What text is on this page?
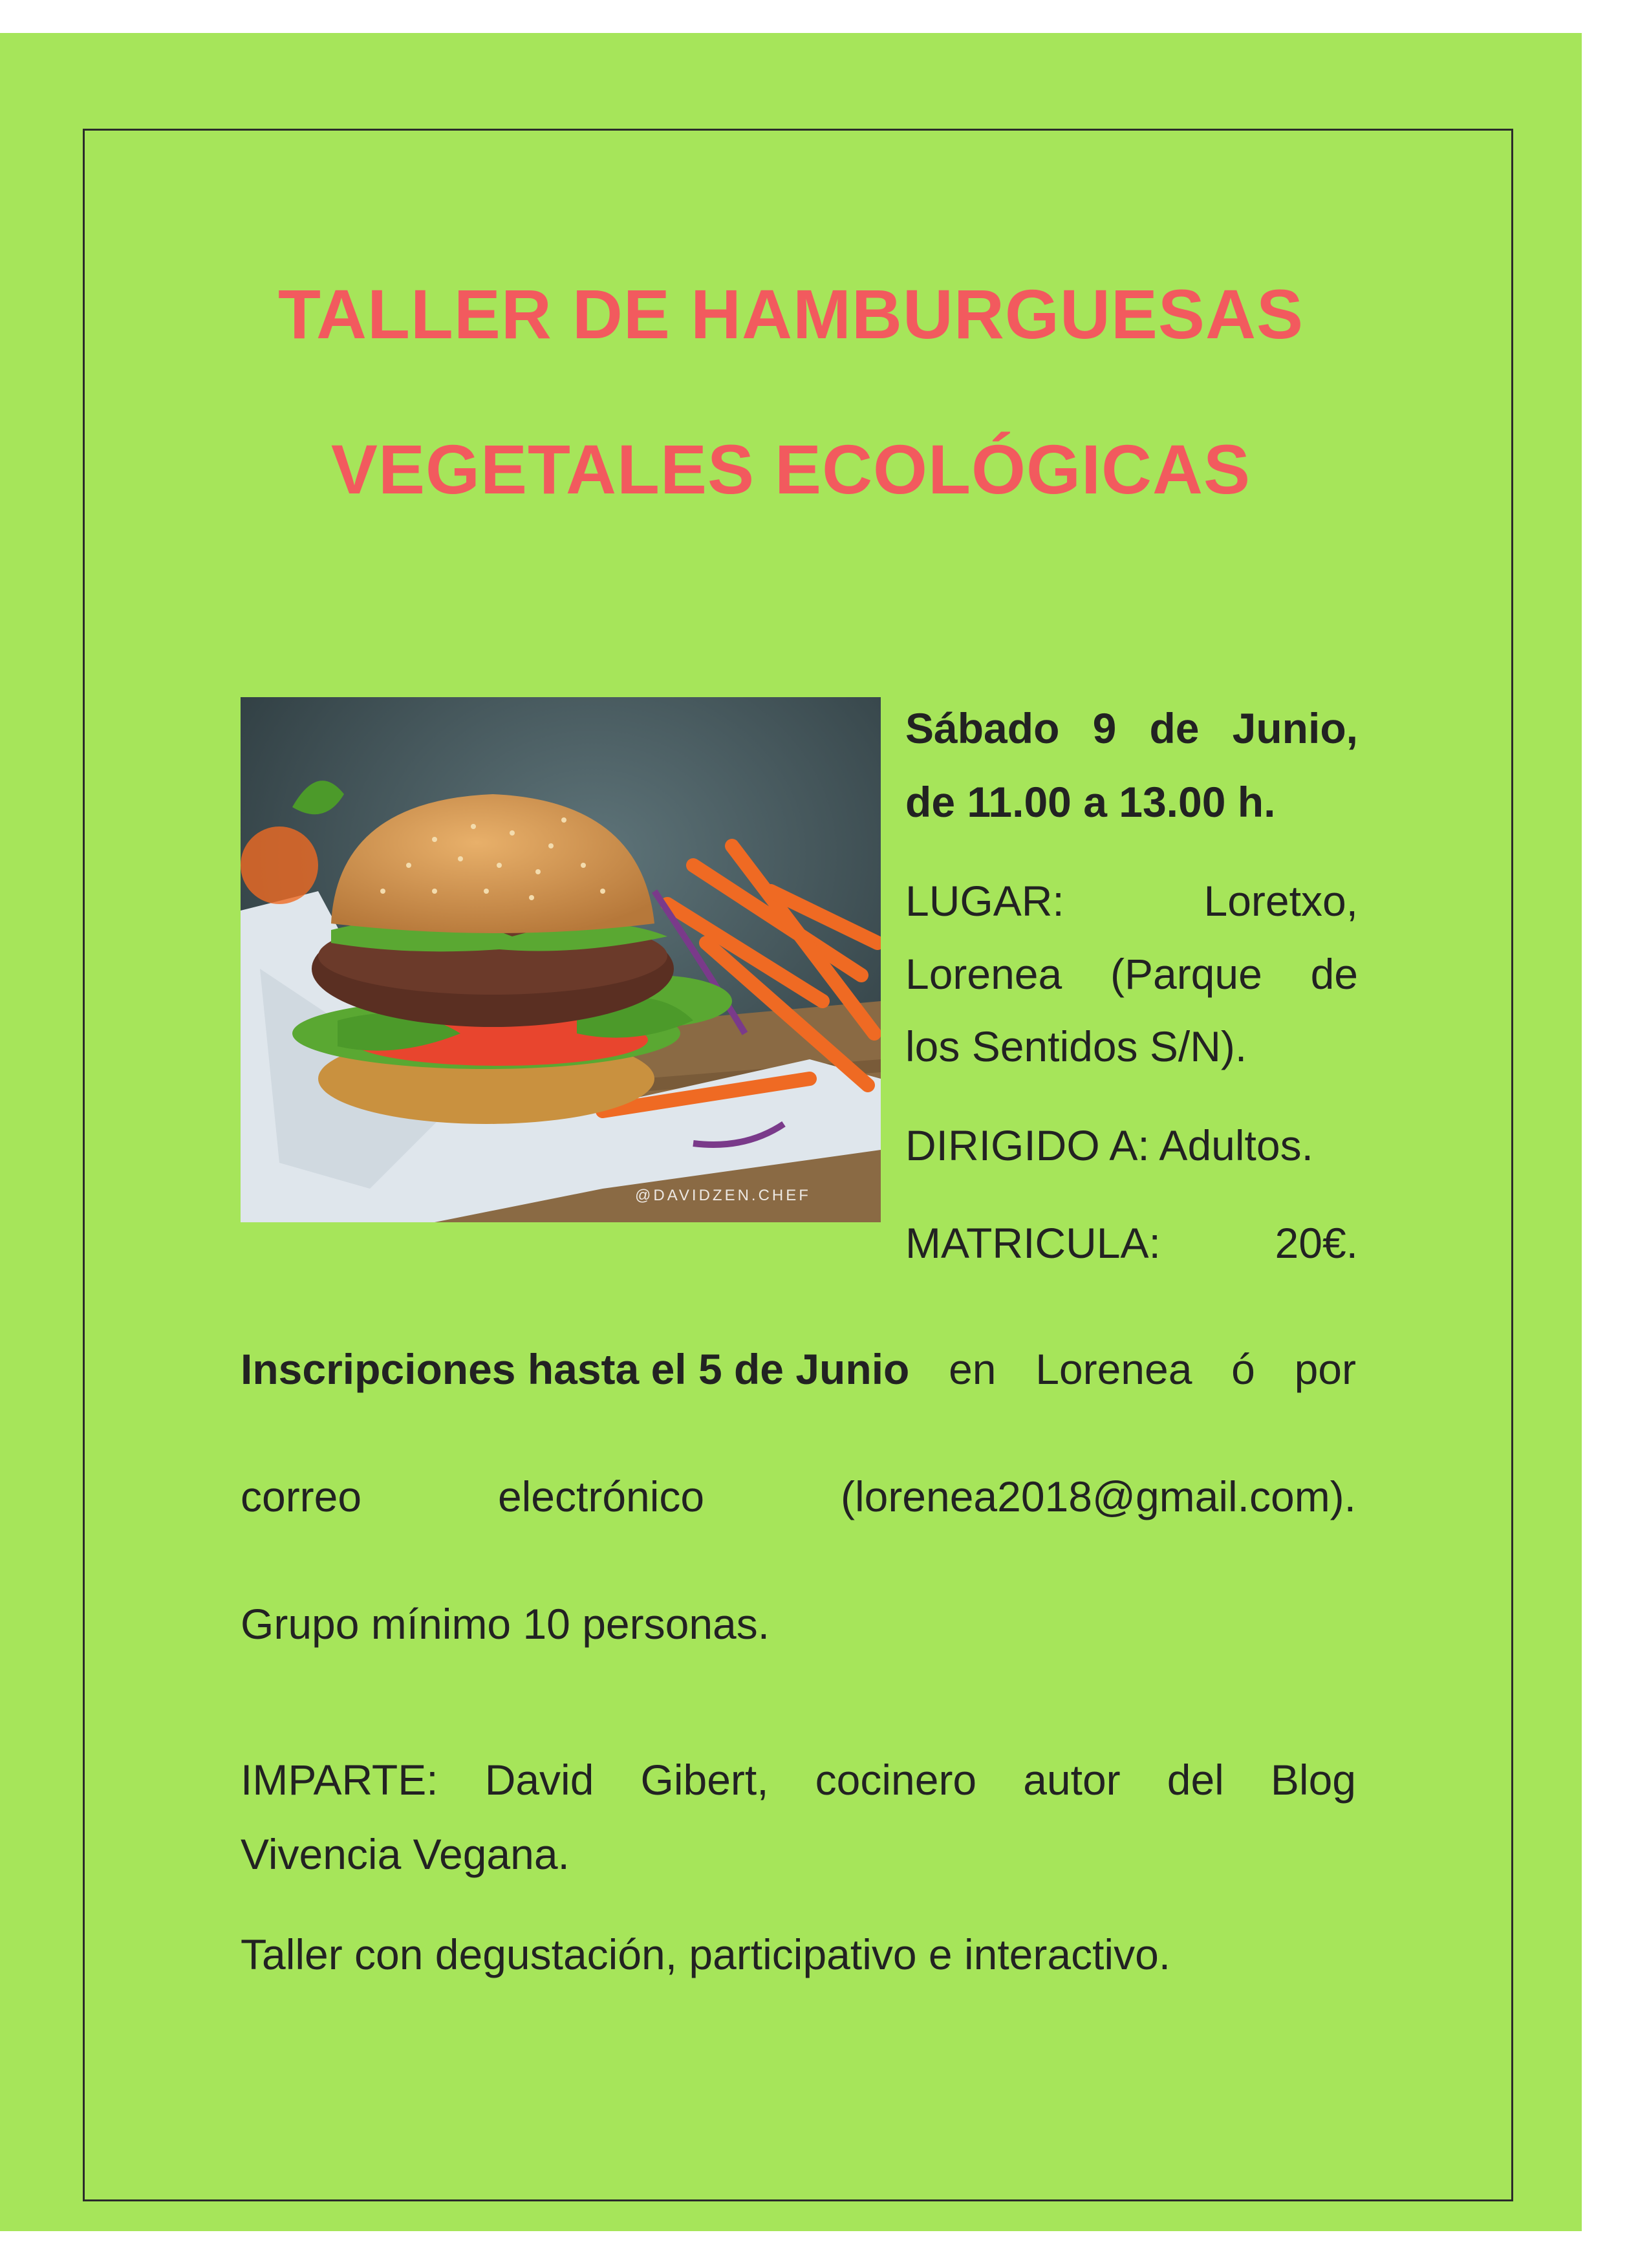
TALLER DE HAMBURGUESAS
VEGETALES ECOLÓGICAS
@DAVIDZEN.CHEF
Sábado 9 de Junio,
de 11.00 a 13.00 h.
LUGAR:	Loretxo,
Lorenea (Parque de
los Sentidos S/N).
DIRIGIDO A: Adultos.
MATRICULA:	20€.
Inscripciones hasta el 5 de Junio en Lorenea ó por
correo	electrónico	(lorenea2018@gmail.com).
Grupo mínimo 10 personas.
IMPARTE: David Gibert, cocinero autor del Blog
Vivencia Vegana.
Taller con degustación, participativo e interactivo.
